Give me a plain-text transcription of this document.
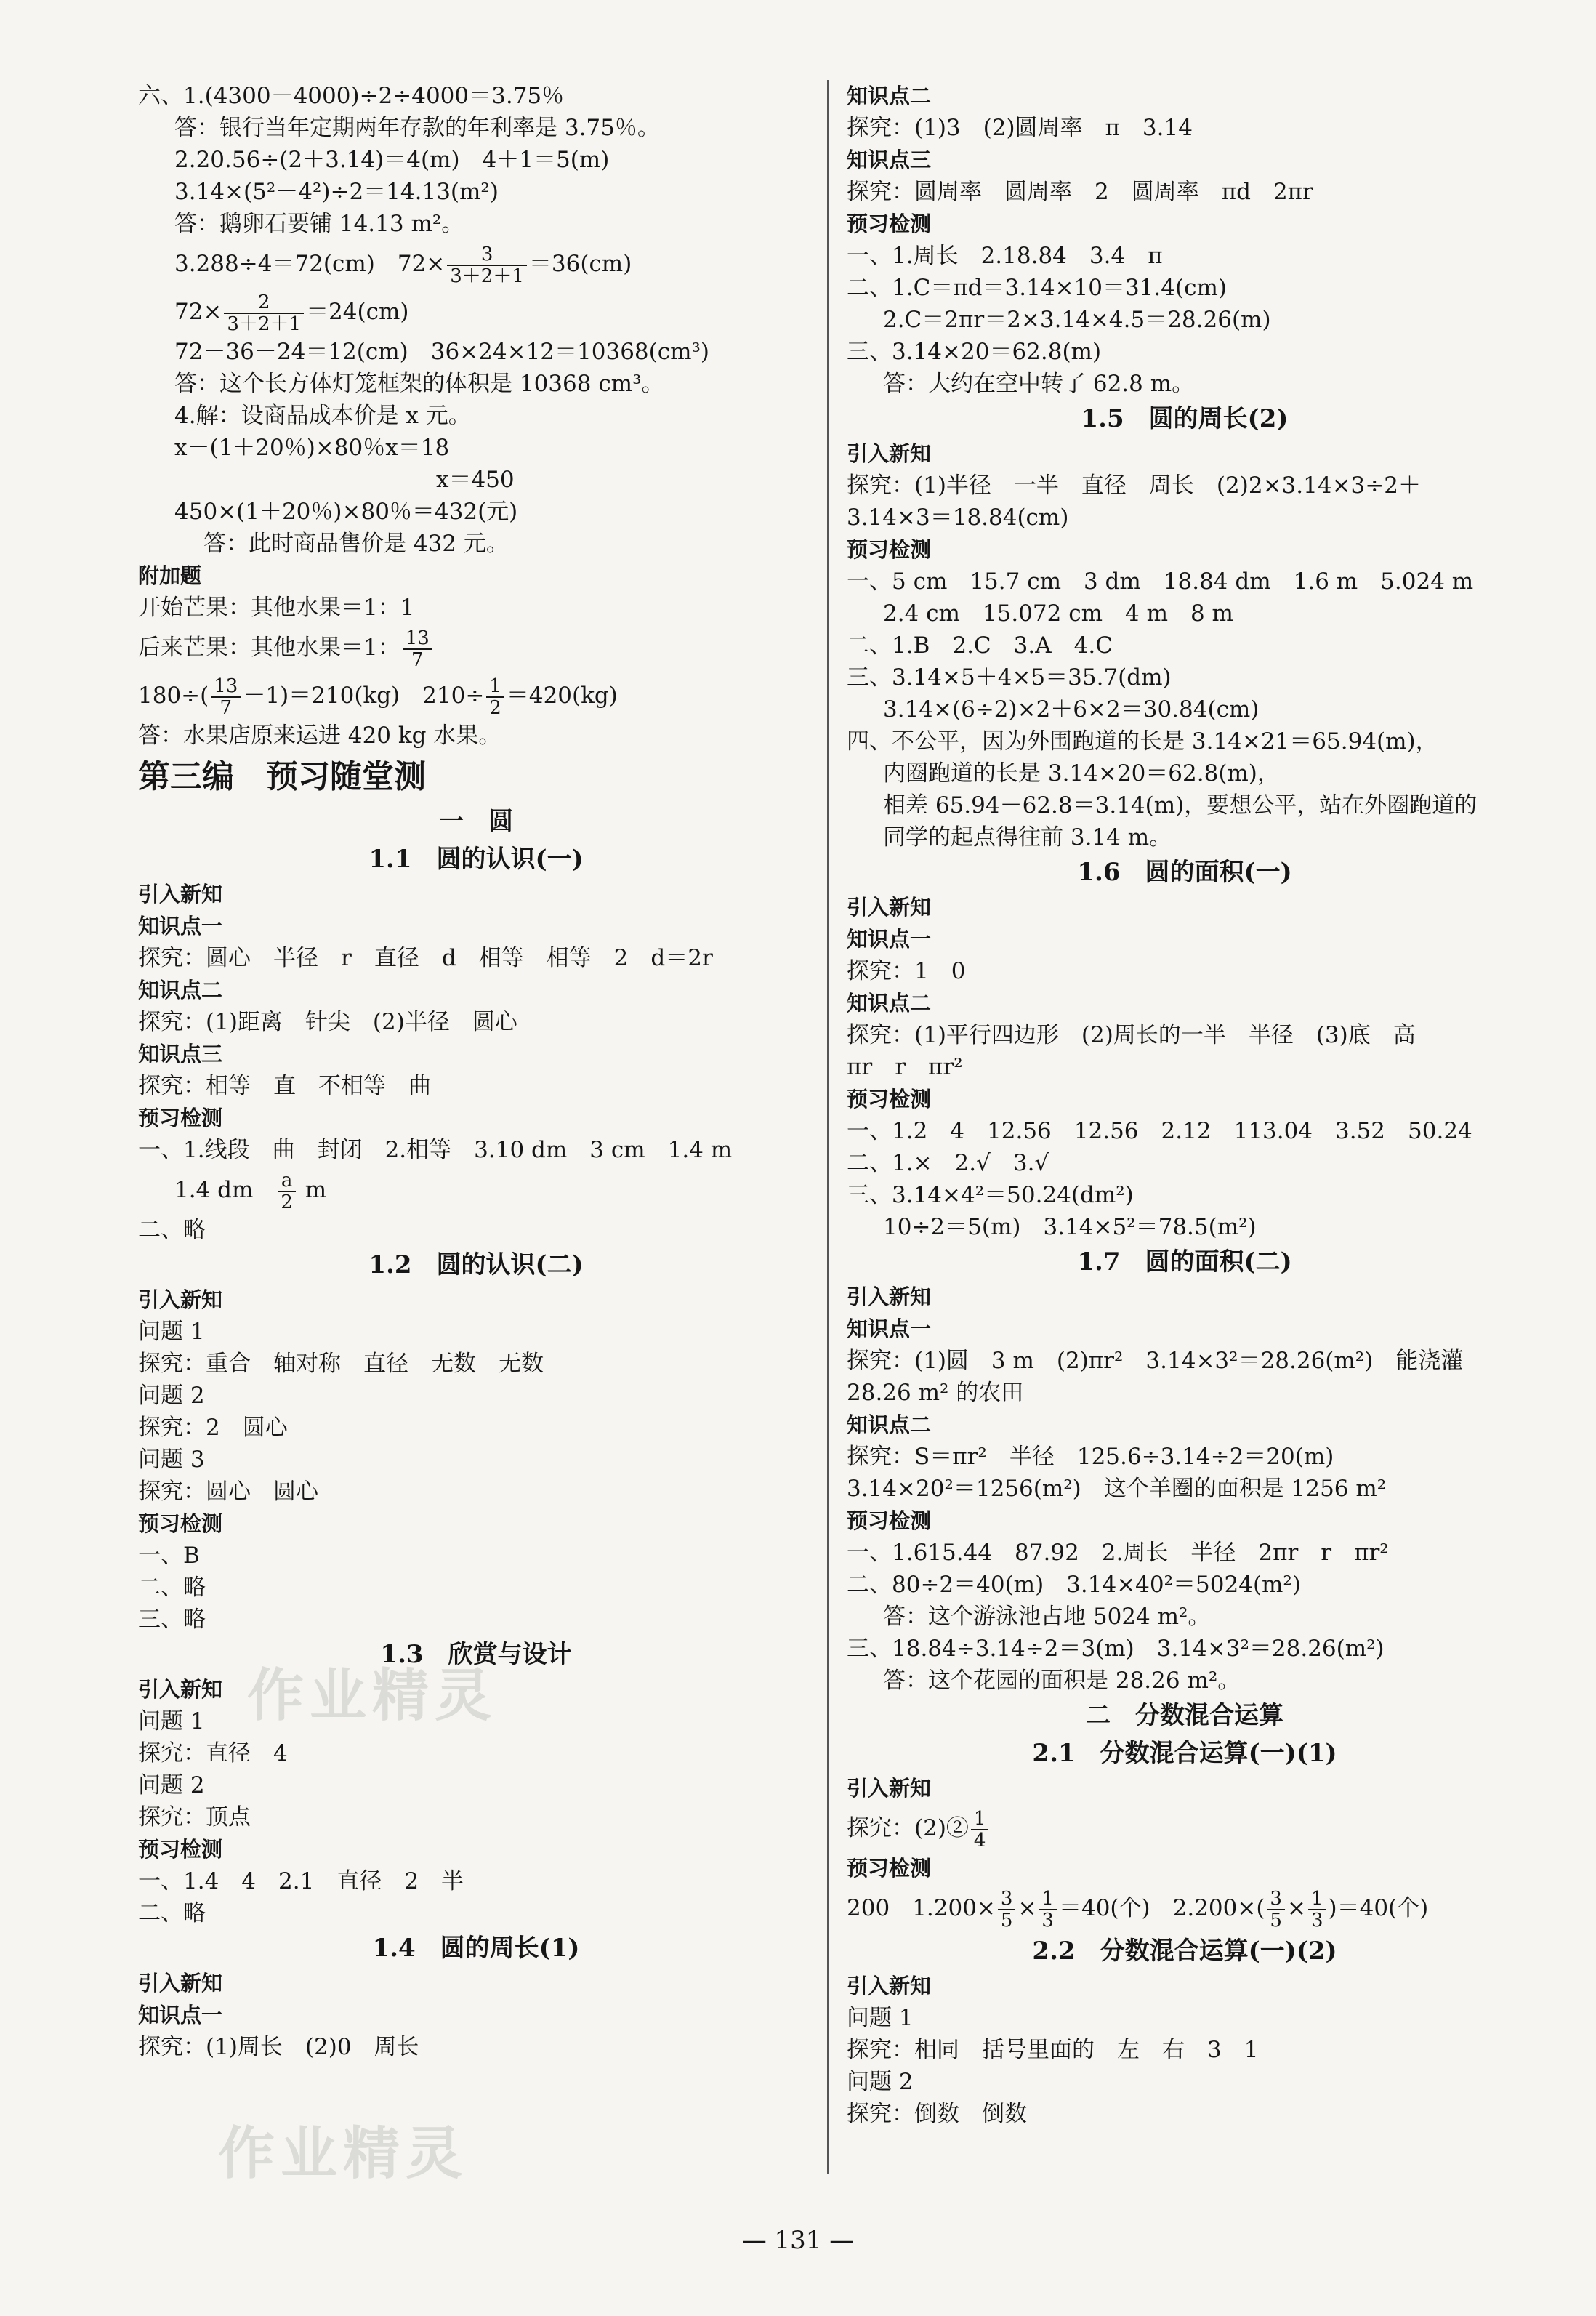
六、1.(4300－4000)÷2÷4000＝3.75％
答：银行当年定期两年存款的年利率是 3.75％。
2.20.56÷(2＋3.14)＝4(m)　4＋1＝5(m)
3.14×(5²－4²)÷2＝14.13(m²)
答：鹅卵石要铺 14.13 m²。
3.288÷4＝72(cm)　$72\times \frac{3}{3+2+1} =36(cm)$
$72\times \frac{2}{3+2+1} =24(cm)$
72－36－24＝12(cm)　36×24×12＝10368(cm³)
答：这个长方体灯笼框架的体积是 10368 cm³。
4.解：设商品成本价是 x 元。
x－(1＋20％)×80％x＝18
x＝450
450×(1＋20％)×80％＝432(元)
答：此时商品售价是 432 元。
附加题
开始芒果：其他水果＝1：1
后来芒果：其他水果＝1： $\frac{13}{7}$
$180\div( \frac{13}{7} -1)=210(kg)$　$210\div \frac{1}{2} =420(kg)$
答：水果店原来运进 420 kg 水果。
第三编　预习随堂测
一　圆
1.1　圆的认识(一)
引入新知
知识点一
探究：圆心　半径　r　直径　d　相等　相等　2　d＝2r
知识点二
探究：(1)距离　针尖　(2)半径　圆心
知识点三
探究：相等　直　不相等　曲
预习检测
一、1.线段　曲　封闭　2.相等　3.10 dm　3 cm　1.4 m
1.4 dm　 $\frac{a}{2}$ m
二、略
1.2　圆的认识(二)
引入新知
问题 1
探究：重合　轴对称　直径　无数　无数
问题 2
探究：2　圆心
问题 3
探究：圆心　圆心
预习检测
一、B
二、略
三、略
1.3　欣赏与设计
引入新知
问题 1
探究：直径　4
问题 2
探究：顶点
预习检测
一、1.4　4　2.1　直径　2　半
二、略
1.4　圆的周长(1)
引入新知
知识点一
探究：(1)周长　(2)0　周长
知识点二
探究：(1)3　(2)圆周率　π　3.14
知识点三
探究：圆周率　圆周率　2　圆周率　πd　2πr
预习检测
一、1.周长　2.18.84　3.4　π
二、1.C＝πd＝3.14×10＝31.4(cm)
2.C＝2πr＝2×3.14×4.5＝28.26(m)
三、3.14×20＝62.8(m)
答：大约在空中转了 62.8 m。
1.5　圆的周长(2)
引入新知
探究：(1)半径　一半　直径　周长　(2)2×3.14×3÷2＋
3.14×3＝18.84(cm)
预习检测
一、5 cm　15.7 cm　3 dm　18.84 dm　1.6 m　5.024 m
2.4 cm　15.072 cm　4 m　8 m
二、1.B　2.C　3.A　4.C
三、3.14×5＋4×5＝35.7(dm)
3.14×(6÷2)×2＋6×2＝30.84(cm)
四、不公平，因为外围跑道的长是 3.14×21＝65.94(m)，
内圈跑道的长是 3.14×20＝62.8(m)，
相差 65.94－62.8＝3.14(m)，要想公平，站在外圈跑道的
同学的起点得往前 3.14 m。
1.6　圆的面积(一)
引入新知
知识点一
探究：1　0
知识点二
探究：(1)平行四边形　(2)周长的一半　半径　(3)底　高
πr　r　πr²
预习检测
一、1.2　4　12.56　12.56　2.12　113.04　3.52　50.24
二、1.×　2.√　3.√
三、3.14×4²＝50.24(dm²)
10÷2＝5(m)　3.14×5²＝78.5(m²)
1.7　圆的面积(二)
引入新知
知识点一
探究：(1)圆　3 m　(2)πr²　3.14×3²＝28.26(m²)　能浇灌
28.26 m² 的农田
知识点二
探究：S＝πr²　半径　125.6÷3.14÷2＝20(m)
3.14×20²＝1256(m²)　这个羊圈的面积是 1256 m²
预习检测
一、1.615.44　87.92　2.周长　半径　2πr　r　πr²
二、80÷2＝40(m)　3.14×40²＝5024(m²)
答：这个游泳池占地 5024 m²。
三、18.84÷3.14÷2＝3(m)　3.14×3²＝28.26(m²)
答：这个花园的面积是 28.26 m²。
二　分数混合运算
2.1　分数混合运算(一)(1)
引入新知
探究：(2)② $\frac{1}{4}$
预习检测
200　$1.200\times \frac{3}{5} \times \frac{1}{3} =40$(个)　$2.200\times( \frac{3}{5} \times \frac{1}{3} )=40$(个)
2.2　分数混合运算(一)(2)
引入新知
问题 1
探究：相同　括号里面的　左　右　3　1
问题 2
探究：倒数　倒数
作业精灵
作业精灵
— 131 —
